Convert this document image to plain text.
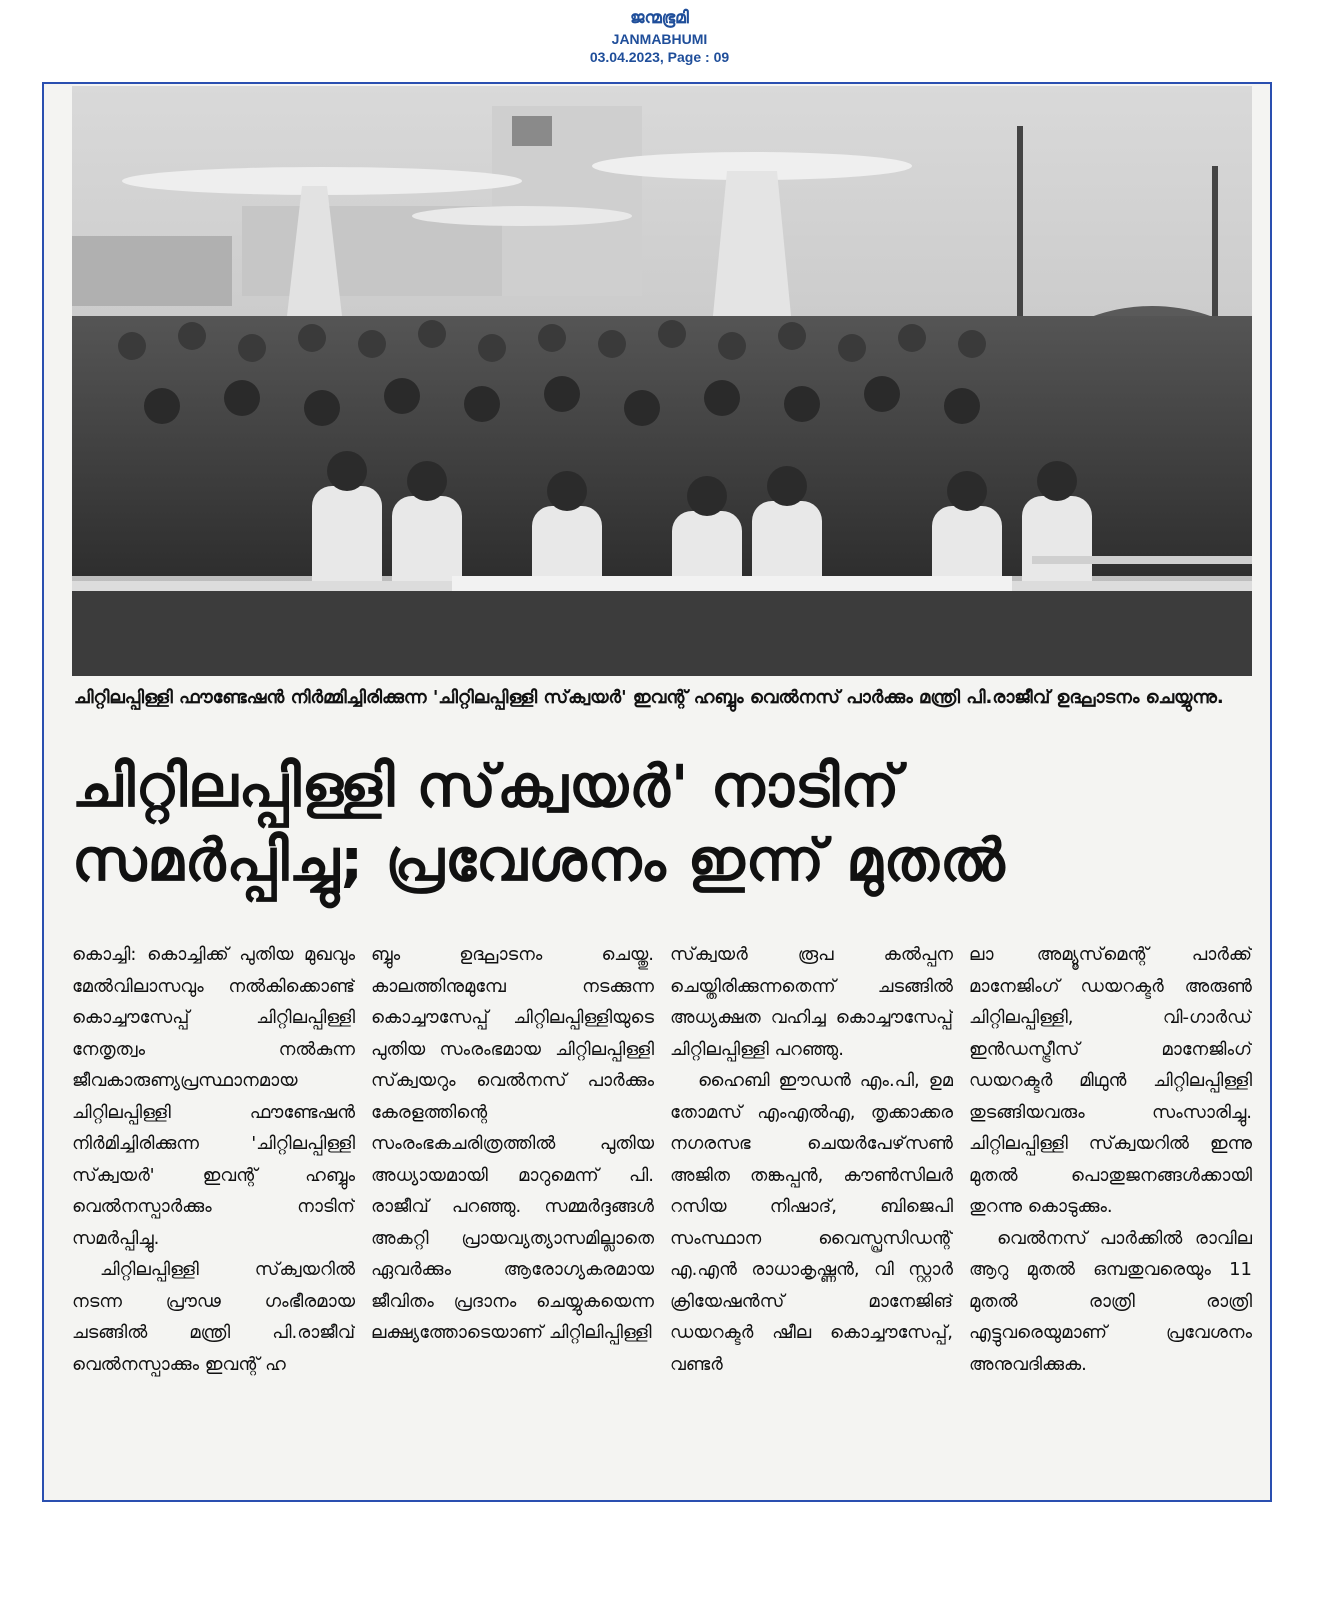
ജന്മഭൂമി
JANMABHUMI
03.04.2023, Page : 09
ചിറ്റിലപ്പിള്ളി ഫൗണ്ടേഷൻ നിർമ്മിച്ചിരിക്കുന്ന 'ചിറ്റിലപ്പിള്ളി സ്‌ക്വയർ' ഇവന്റ് ഹബ്ബും വെൽനസ് പാർക്കും മന്ത്രി പി.രാജീവ് ഉദ്ഘാടനം ചെയ്യുന്നു.
ചിറ്റിലപ്പിള്ളി സ്‌ക്വയർ' നാടിന്
സമർപ്പിച്ചു; പ്രവേശനം ഇന്ന് മുതൽ

കൊച്ചി: കൊച്ചിക്ക് പുതിയ മുഖവും മേൽവിലാസവും നൽകിക്കൊണ്ട് കൊച്ചൗസേപ്പ് ചിറ്റിലപ്പിള്ളി നേതൃത്വം നൽകുന്ന ജീവകാരുണ്യപ്രസ്ഥാനമായ ചിറ്റിലപ്പിള്ളി ഫൗണ്ടേഷൻ നിർമിച്ചിരിക്കുന്ന 'ചിറ്റിലപ്പിള്ളി സ്‌ക്വയർ' ഇവന്റ് ഹബ്ബും വെൽനസ്പാർക്കും നാടിന് സമർപ്പിച്ചു.

ചിറ്റിലപ്പിള്ളി സ്‌ക്വയറിൽ നടന്ന പ്രൗഢ ഗംഭീരമായ ചടങ്ങിൽ മന്ത്രി പി.രാജീവ് വെൽനസ്പാക്കും ഇവന്റ് ഹ

ബ്ബും ഉദ്ഘാടനം ചെയ്തു. കാലത്തിനുമുമ്പേ നടക്കുന്ന കൊച്ചൗസേപ്പ് ചിറ്റിലപ്പിള്ളിയുടെ പുതിയ സംരംഭമായ ചിറ്റിലപ്പിള്ളി സ്‌ക്വയറും വെൽനസ് പാർക്കും കേരളത്തിന്റെ സംരംഭകചരിത്രത്തിൽ പുതിയ അധ്യായമായി മാറുമെന്ന് പി. രാജീവ് പറഞ്ഞു. സമ്മർദ്ദങ്ങൾ അകറ്റി പ്രായവ്യത്യാസമില്ലാതെ ഏവർക്കും ആരോഗ്യകരമായ ജീവിതം പ്രദാനം ചെയ്യുകയെന്ന ലക്ഷ്യത്തോടെയാണ് ചിറ്റിലിപ്പിള്ളി

സ്‌ക്വയർ രൂപ കൽപ്പന ചെയ്തിരിക്കുന്നതെന്ന് ചടങ്ങിൽ അധ്യക്ഷത വഹിച്ച കൊച്ചൗസേപ്പ് ചിറ്റിലപ്പിള്ളി പറഞ്ഞു.

ഹൈബി ഈഡൻ എം.പി, ഉമ തോമസ് എംഎൽഎ, തൃക്കാക്കര നഗരസഭ ചെയർപേഴ്‌സൺ അജിത തങ്കപ്പൻ, കൗൺസിലർ റസിയ നിഷാദ്, ബിജെപി സംസ്ഥാന വൈസ്പ്രസിഡന്റ് എ.എൻ രാധാകൃഷ്ണൻ, വി സ്റ്റാർ ക്രിയേഷൻസ് മാനേജിങ് ഡയറക്ടർ ഷീല കൊച്ചൗസേപ്പ്, വണ്ടർ

ലാ അമ്യൂസ്‌മെന്റ് പാർക്ക് മാനേജിംഗ് ഡയറക്ടർ അരുൺ ചിറ്റിലപ്പിള്ളി, വി-ഗാർഡ് ഇൻഡസ്ട്രീസ് മാനേജിംഗ് ഡയറക്ടർ മിഥുൻ ചിറ്റിലപ്പിള്ളി തുടങ്ങിയവരും സംസാരിച്ചു. ചിറ്റിലപ്പിള്ളി സ്‌ക്വയറിൽ ഇന്നു മുതൽ പൊതുജനങ്ങൾക്കായി തുറന്നു കൊടുക്കും.

വെൽനസ് പാർക്കിൽ രാവില ആറു മുതൽ ഒമ്പതുവരെയും 11 മുതൽ രാത്രി രാത്രി എട്ടുവരെയുമാണ് പ്രവേശനം അനുവദിക്കുക.
